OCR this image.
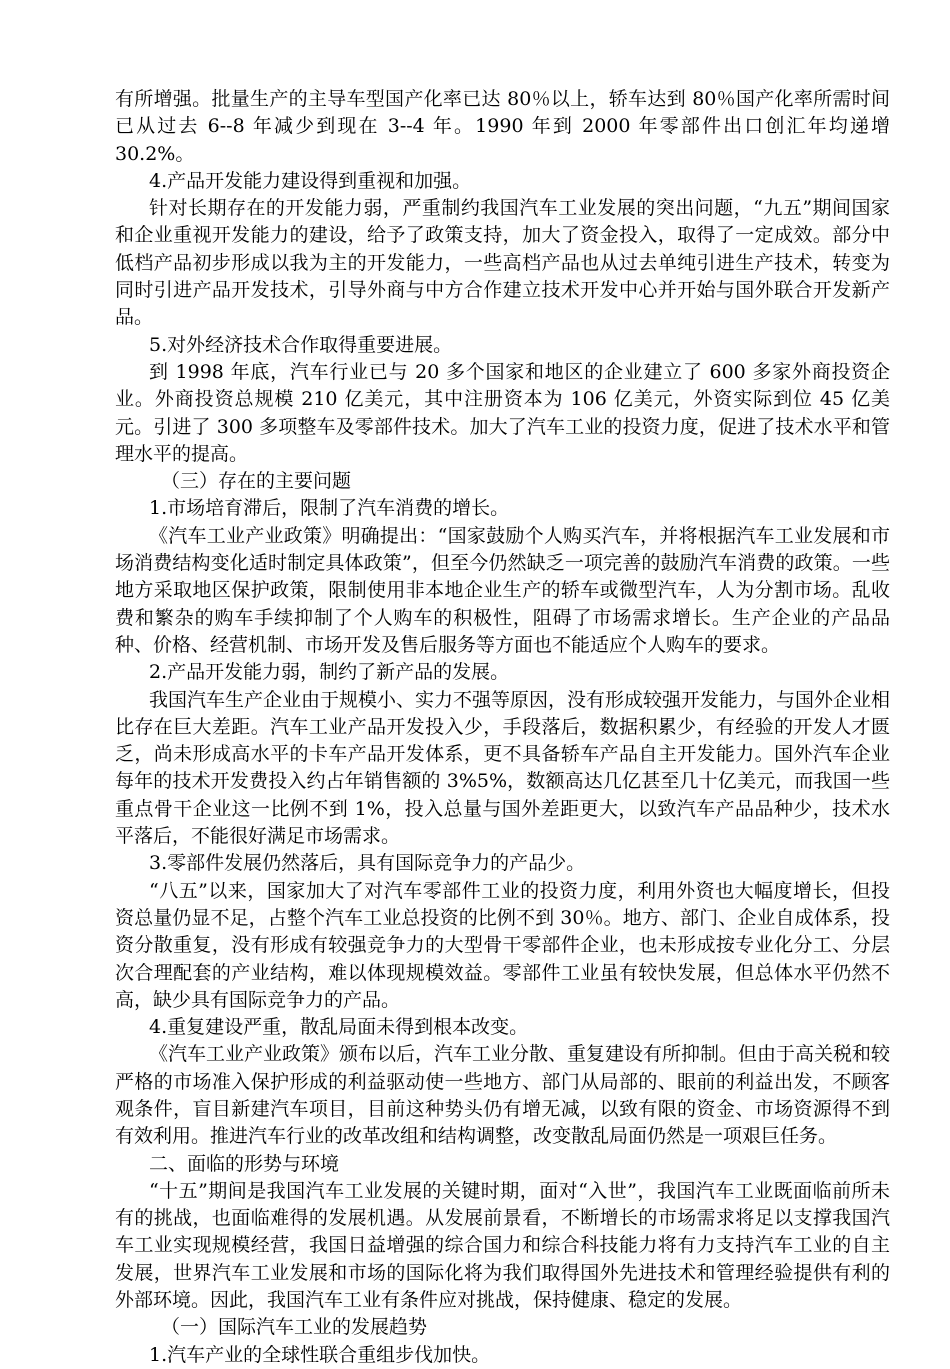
有所增强。批量生产的主导车型国产化率已达 80％以上，轿车达到 80％国产化率所需时间已从过去 6--8 年减少到现在 3--4 年。1990 年到 2000 年零部件出口创汇年均递增 30.2%。

4.产品开发能力建设得到重视和加强。

针对长期存在的开发能力弱，严重制约我国汽车工业发展的突出问题，“九五”期间国家和企业重视开发能力的建设，给予了政策支持，加大了资金投入，取得了一定成效。部分中低档产品初步形成以我为主的开发能力，一些高档产品也从过去单纯引进生产技术，转变为同时引进产品开发技术，引导外商与中方合作建立技术开发中心并开始与国外联合开发新产品。

5.对外经济技术合作取得重要进展。

到 1998 年底，汽车行业已与 20 多个国家和地区的企业建立了 600 多家外商投资企业。外商投资总规模 210 亿美元，其中注册资本为 106 亿美元，外资实际到位 45 亿美元。引进了 300 多项整车及零部件技术。加大了汽车工业的投资力度，促进了技术水平和管理水平的提高。

（三）存在的主要问题

1.市场培育滞后，限制了汽车消费的增长。

《汽车工业产业政策》明确提出：“国家鼓励个人购买汽车，并将根据汽车工业发展和市场消费结构变化适时制定具体政策”，但至今仍然缺乏一项完善的鼓励汽车消费的政策。一些地方采取地区保护政策，限制使用非本地企业生产的轿车或微型汽车，人为分割市场。乱收费和繁杂的购车手续抑制了个人购车的积极性，阻碍了市场需求增长。生产企业的产品品种、价格、经营机制、市场开发及售后服务等方面也不能适应个人购车的要求。

2.产品开发能力弱，制约了新产品的发展。

我国汽车生产企业由于规模小、实力不强等原因，没有形成较强开发能力，与国外企业相比存在巨大差距。汽车工业产品开发投入少，手段落后，数据积累少，有经验的开发人才匮乏，尚未形成高水平的卡车产品开发体系，更不具备轿车产品自主开发能力。国外汽车企业每年的技术开发费投入约占年销售额的 3%5%，数额高达几亿甚至几十亿美元，而我国一些重点骨干企业这一比例不到 1%，投入总量与国外差距更大，以致汽车产品品种少，技术水平落后，不能很好满足市场需求。

3.零部件发展仍然落后，具有国际竞争力的产品少。

“八五”以来，国家加大了对汽车零部件工业的投资力度，利用外资也大幅度增长，但投资总量仍显不足，占整个汽车工业总投资的比例不到 30％。地方、部门、企业自成体系，投资分散重复，没有形成有较强竞争力的大型骨干零部件企业，也未形成按专业化分工、分层次合理配套的产业结构，难以体现规模效益。零部件工业虽有较快发展，但总体水平仍然不高，缺少具有国际竞争力的产品。

4.重复建设严重，散乱局面未得到根本改变。

《汽车工业产业政策》颁布以后，汽车工业分散、重复建设有所抑制。但由于高关税和较严格的市场准入保护形成的利益驱动使一些地方、部门从局部的、眼前的利益出发，不顾客观条件，盲目新建汽车项目，目前这种势头仍有增无减，以致有限的资金、市场资源得不到有效利用。推进汽车行业的改革改组和结构调整，改变散乱局面仍然是一项艰巨任务。

二、面临的形势与环境

“十五”期间是我国汽车工业发展的关键时期，面对“入世”，我国汽车工业既面临前所未有的挑战，也面临难得的发展机遇。从发展前景看，不断增长的市场需求将足以支撑我国汽车工业实现规模经营，我国日益增强的综合国力和综合科技能力将有力支持汽车工业的自主发展，世界汽车工业发展和市场的国际化将为我们取得国外先进技术和管理经验提供有利的外部环境。因此，我国汽车工业有条件应对挑战，保持健康、稳定的发展。

（一）国际汽车工业的发展趋势

1.汽车产业的全球性联合重组步伐加快。
